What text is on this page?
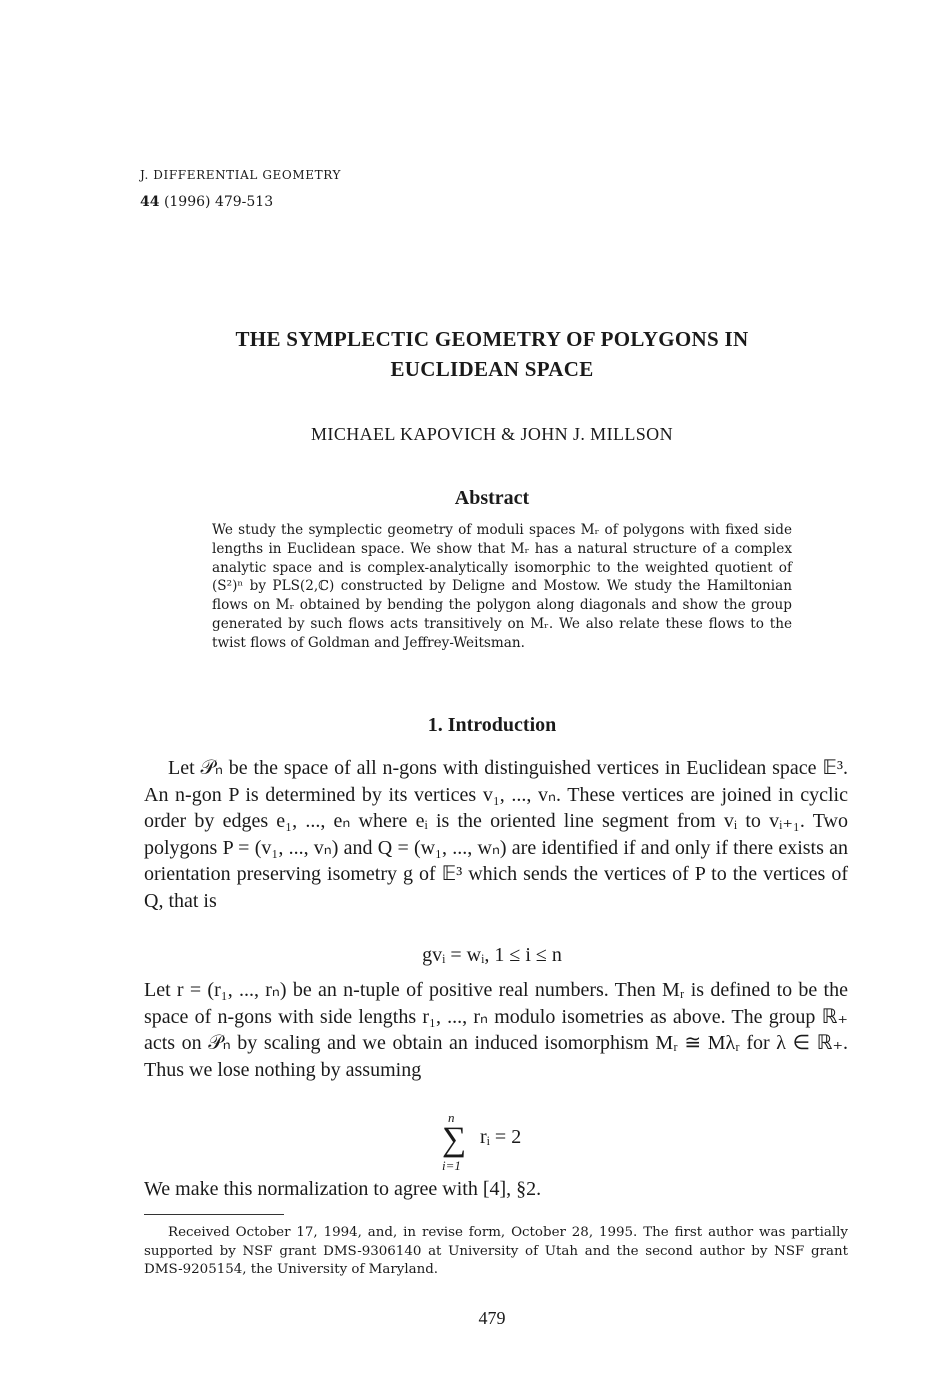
J. DIFFERENTIAL GEOMETRY
44 (1996) 479-513
THE SYMPLECTIC GEOMETRY OF POLYGONS IN
EUCLIDEAN SPACE
MICHAEL KAPOVICH & JOHN J. MILLSON
Abstract
We study the symplectic geometry of moduli spaces Mᵣ of polygons with fixed side lengths in Euclidean space. We show that Mᵣ has a natural structure of a complex analytic space and is complex-analytically isomorphic to the weighted quotient of (S²)ⁿ by PLS(2,ℂ) constructed by Deligne and Mostow. We study the Hamiltonian flows on Mᵣ obtained by bending the polygon along diagonals and show the group generated by such flows acts transitively on Mᵣ. We also relate these flows to the twist flows of Goldman and Jeffrey-Weitsman.
1. Introduction
Let 𝒫ₙ be the space of all n-gons with distinguished vertices in Euclidean space 𝔼³. An n-gon P is determined by its vertices v₁, ..., vₙ. These vertices are joined in cyclic order by edges e₁, ..., eₙ where eᵢ is the oriented line segment from vᵢ to vᵢ₊₁. Two polygons P = (v₁, ..., vₙ) and Q = (w₁, ..., wₙ) are identified if and only if there exists an orientation preserving isometry g of 𝔼³ which sends the vertices of P to the vertices of Q, that is
gvᵢ = wᵢ, 1 ≤ i ≤ n
Let r = (r₁, ..., rₙ) be an n-tuple of positive real numbers. Then Mᵣ is defined to be the space of n-gons with side lengths r₁, ..., rₙ modulo isometries as above. The group ℝ₊ acts on 𝒫ₙ by scaling and we obtain an induced isomorphism Mᵣ ≅ Mλᵣ for λ ∈ ℝ₊. Thus we lose nothing by assuming
n
∑
i=1
rᵢ = 2
We make this normalization to agree with [4], §2.
Received October 17, 1994, and, in revise form, October 28, 1995. The first author was partially supported by NSF grant DMS-9306140 at University of Utah and the second author by NSF grant DMS-9205154, the University of Maryland.
479
